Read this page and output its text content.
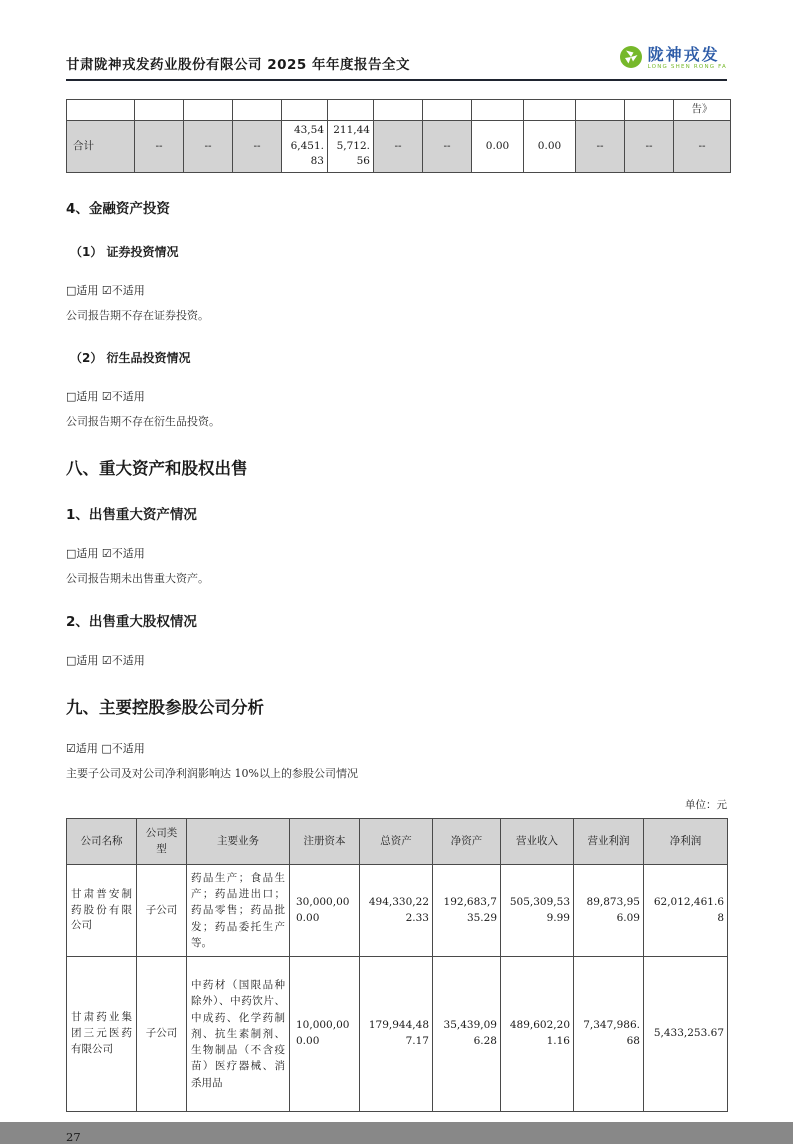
甘肃陇神戎发药业股份有限公司 2025 年年度报告全文
陇神戎发
LONG SHEN RONG FA
												告》
合计	--	--	--	43,546,451.83	211,445,712.56	--	--	0.00	0.00	--	--	--
4、金融资产投资
（1） 证券投资情况
□适用 ☑不适用
公司报告期不存在证券投资。
（2） 衍生品投资情况
□适用 ☑不适用
公司报告期不存在衍生品投资。
八、重大资产和股权出售
1、出售重大资产情况
□适用 ☑不适用
公司报告期未出售重大资产。
2、出售重大股权情况
□适用 ☑不适用
九、主要控股参股公司分析
☑适用 □不适用
主要子公司及对公司净利润影响达 10%以上的参股公司情况
单位：元
公司名称	公司类型	主要业务	注册资本	总资产	净资产	营业收入	营业利润	净利润
甘肃普安制药股份有限公司	子公司	药品生产；食品生产；药品进出口；药品零售；药品批发；药品委托生产等。	30,000,000.00	494,330,222.33	192,683,735.29	505,309,539.99	89,873,956.09	62,012,461.68
甘肃药业集团三元医药有限公司	子公司	中药材（国限品种除外）、中药饮片、中成药、化学药制剂、抗生素制剂、生物制品（不含疫苗）医疗器械、消杀用品	10,000,000.00	179,944,487.17	35,439,096.28	489,602,201.16	7,347,986.68	5,433,253.67
27
